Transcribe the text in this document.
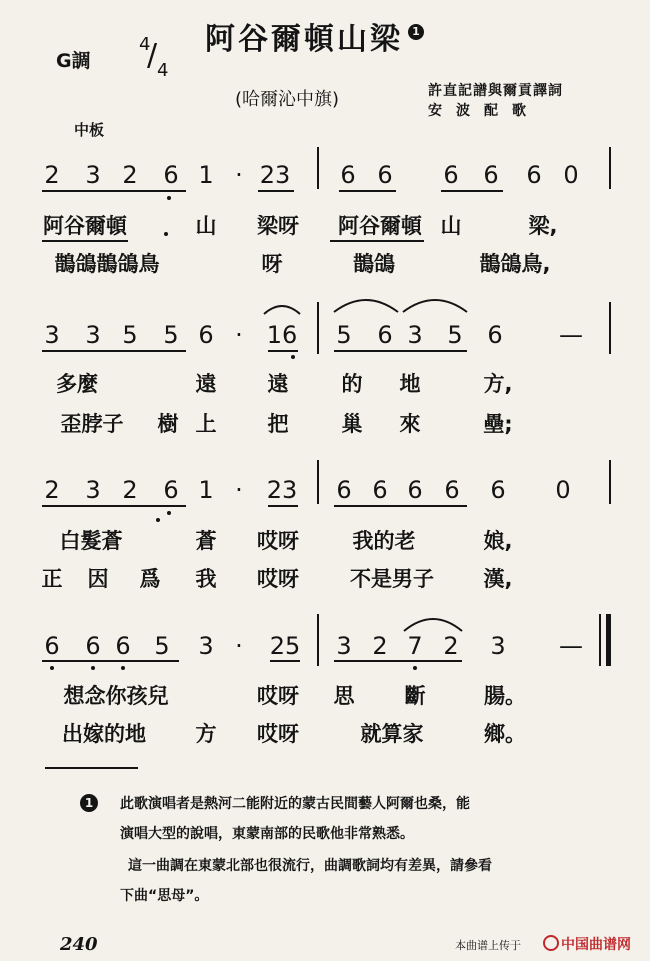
阿谷爾頓山梁 1
G調
4
/ 4
(哈爾沁中旗)	許直記譜與爾貢譯詞
安波配歌
中板
2 3 2 6 1 · 23 6 6 6 6 6 0
阿谷爾頓	山 梁呀 阿谷爾頓 山	梁,
鵲鴿鵲鴿鳥	呀	鵲鴿	鵲鴿鳥,
3 3 5 5 6 · 16 5 6 3 5 6 —
多麼	遠 遠	的 地	方,
歪脖子 樹 上 把	巢 來	壘;
2 3 2 6 1 · 23 6 6 6 6 6 0
白髮蒼	蒼 哎呀	我的老	娘,
正 因 爲 我 哎呀 不是男子 漢,
6 6 6 5 3 · 25 3 2 7 2 3 —
想念你孩兒	哎呀 思 斷	腸。
出嫁的地 方 哎呀	就算家	鄉。
1	此歌演唱者是熱河二能附近的蒙古民間藝人阿爾也桑，能
演唱大型的說唱，東蒙南部的民歌他非常熟悉。
這一曲調在東蒙北部也很流行，曲調歌詞均有差異，請參看
下曲“思母”。
240	本曲谱上传于	中国曲谱网
